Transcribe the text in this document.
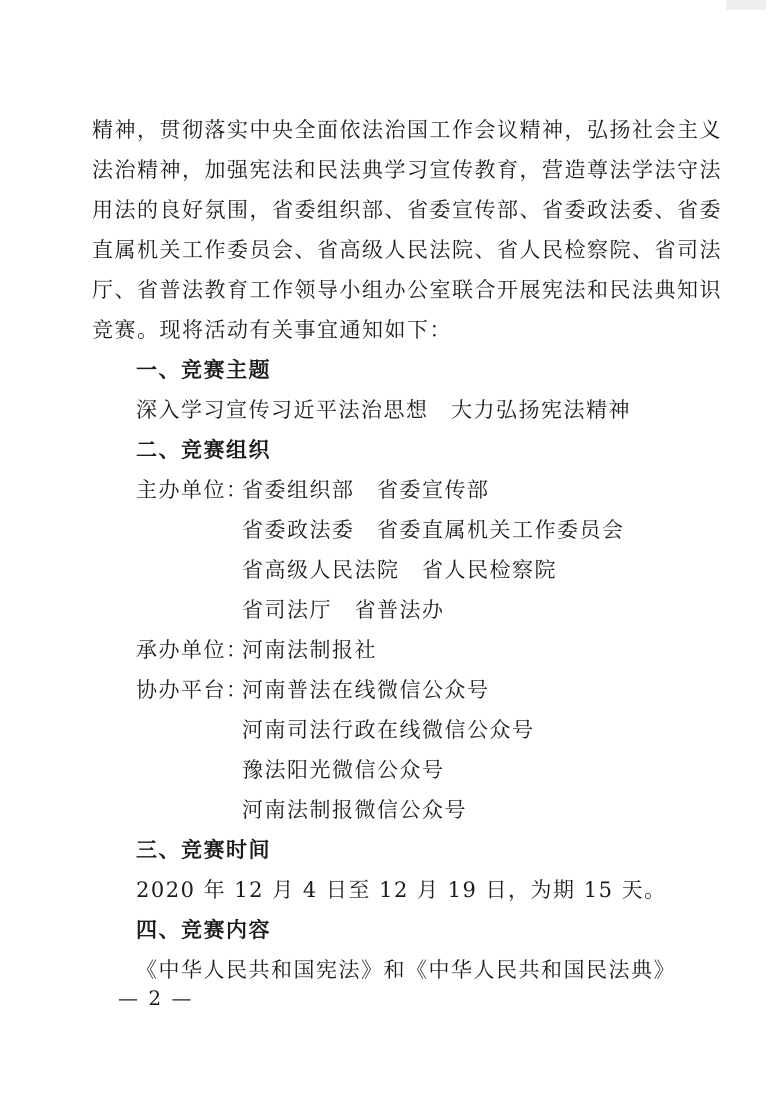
精神，贯彻落实中央全面依法治国工作会议精神，弘扬社会主义
法治精神，加强宪法和民法典学习宣传教育，营造尊法学法守法
用法的良好氛围，省委组织部、省委宣传部、省委政法委、省委
直属机关工作委员会、省高级人民法院、省人民检察院、省司法
厅、省普法教育工作领导小组办公室联合开展宪法和民法典知识
竞赛。现将活动有关事宜通知如下：
一、竞赛主题
深入学习宣传习近平法治思想　大力弘扬宪法精神
二、竞赛组织
主办单位：
省委组织部　省委宣传部
省委政法委　省委直属机关工作委员会
省高级人民法院　省人民检察院
省司法厅　省普法办
承办单位：
河南法制报社
协办平台：
河南普法在线微信公众号
河南司法行政在线微信公众号
豫法阳光微信公众号
河南法制报微信公众号
三、竞赛时间
2020 年 12 月 4 日至 12 月 19 日，为期 15 天。
四、竞赛内容
《中华人民共和国宪法》和《中华人民共和国民法典》
— 2 —
